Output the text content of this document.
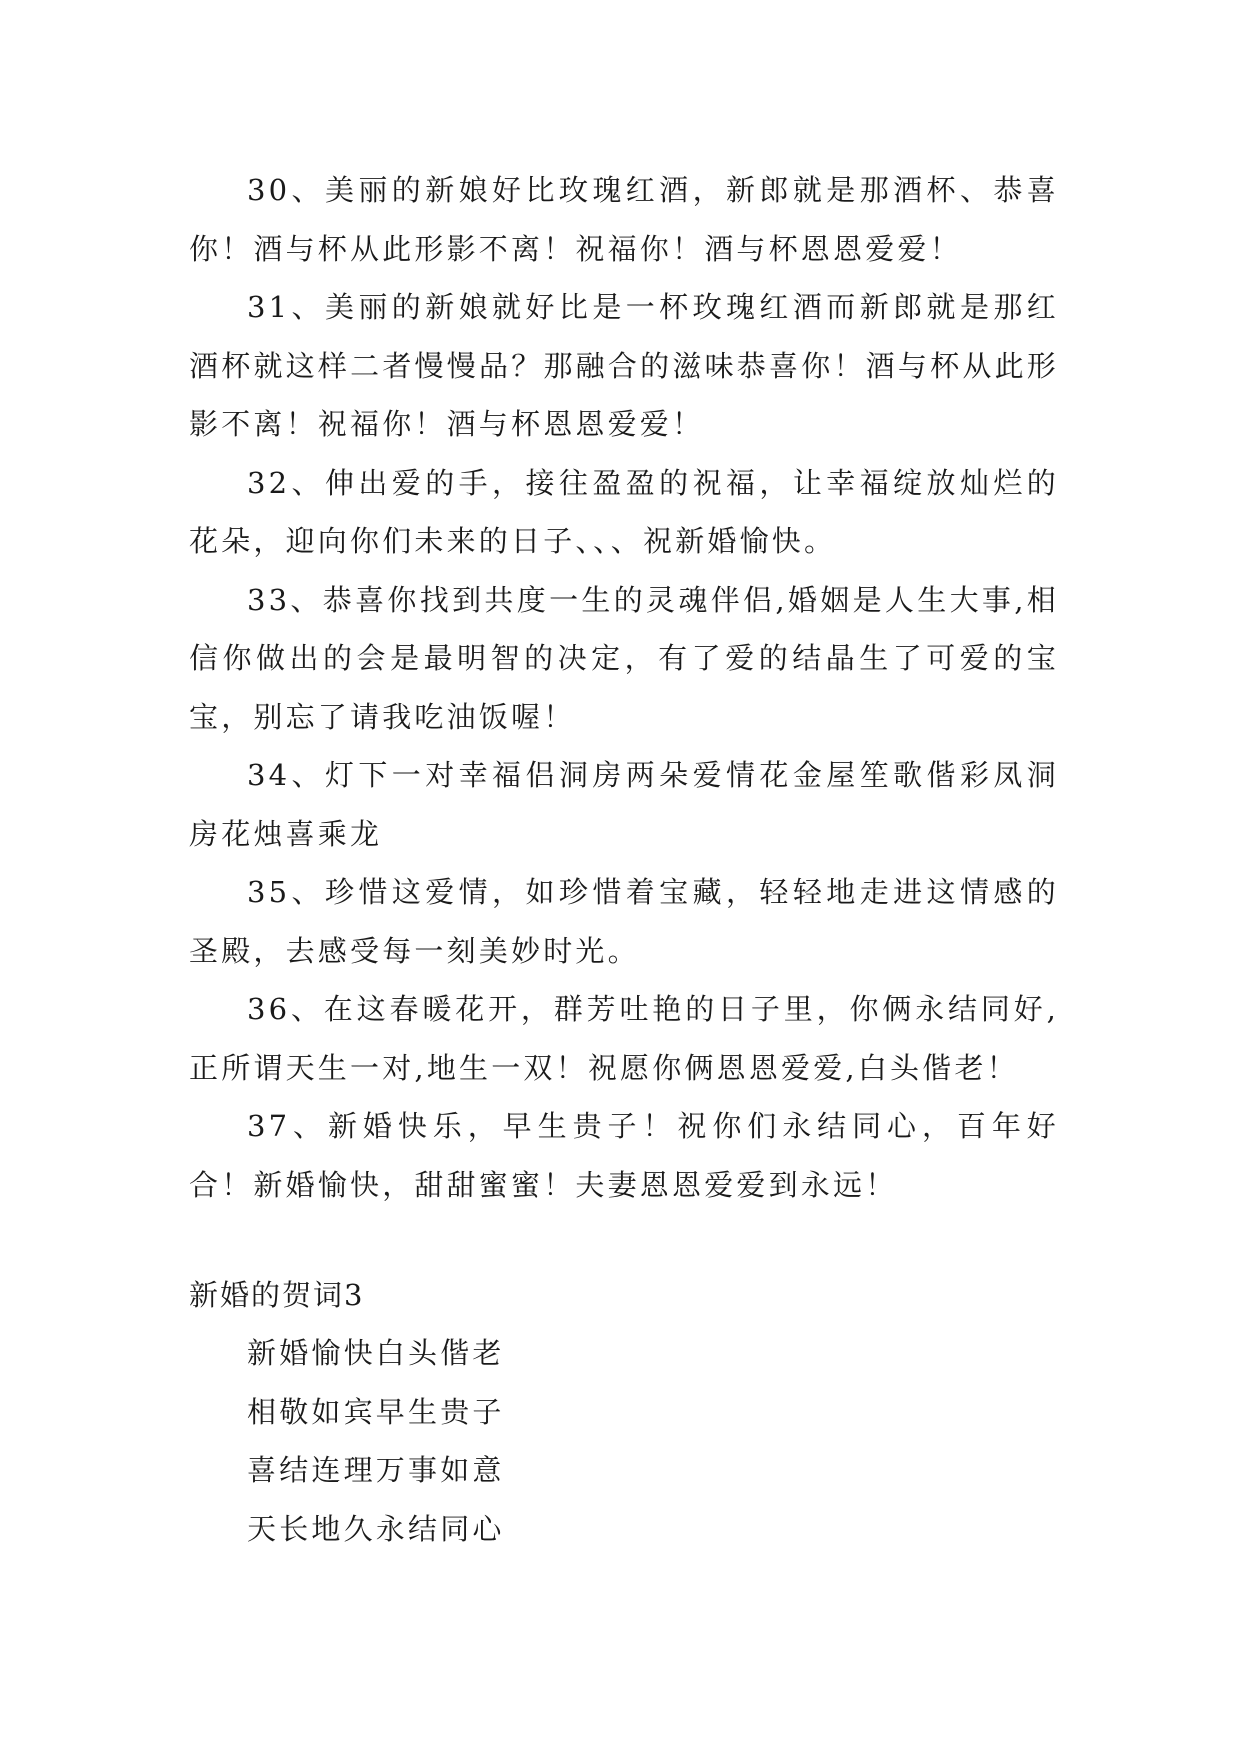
30、美丽的新娘好比玫瑰红酒，新郎就是那酒杯、恭喜你！酒与杯从此形影不离！祝福你！酒与杯恩恩爱爱！

31、美丽的新娘就好比是一杯玫瑰红酒而新郎就是那红酒杯就这样二者慢慢品？那融合的滋味恭喜你！酒与杯从此形影不离！祝福你！酒与杯恩恩爱爱！

32、伸出爱的手，接往盈盈的祝福，让幸福绽放灿烂的花朵，迎向你们未来的日子、、、祝新婚愉快。

33、恭喜你找到共度一生的灵魂伴侣,婚姻是人生大事,相信你做出的会是最明智的决定，有了爱的结晶生了可爱的宝宝，别忘了请我吃油饭喔！

34、灯下一对幸福侣洞房两朵爱情花金屋笙歌偕彩凤洞房花烛喜乘龙

35、珍惜这爱情，如珍惜着宝藏，轻轻地走进这情感的圣殿，去感受每一刻美妙时光。

36、在这春暖花开，群芳吐艳的日子里，你俩永结同好,正所谓天生一对,地生一双！祝愿你俩恩恩爱爱,白头偕老！

37、新婚快乐，早生贵子！祝你们永结同心，百年好合！新婚愉快，甜甜蜜蜜！夫妻恩恩爱爱到永远！

新婚的贺词3

新婚愉快白头偕老

相敬如宾早生贵子

喜结连理万事如意

天长地久永结同心
